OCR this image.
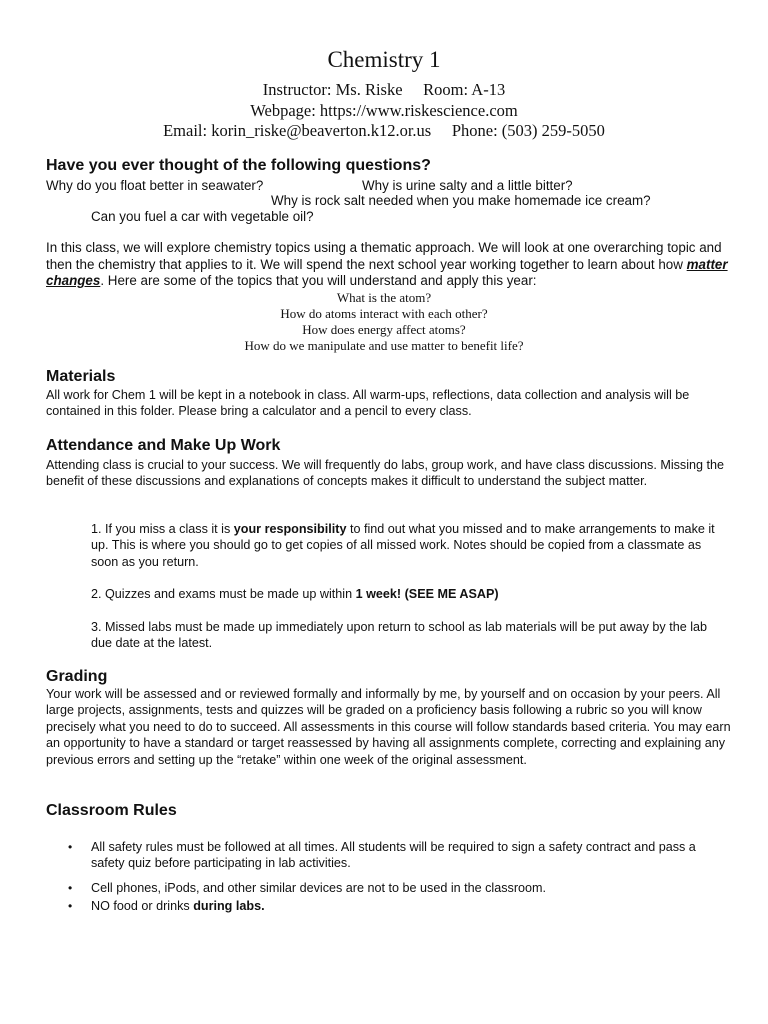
Chemistry 1
Instructor: Ms. Riske     Room: A-13
Webpage: https://www.riskescience.com
Email: korin_riske@beaverton.k12.or.us     Phone: (503) 259-5050
Have you ever thought of the following questions?
Why do you float better in seawater?	Why is urine salty and a little bitter?
Why is rock salt needed when you make homemade ice cream?
Can you fuel a car with vegetable oil?
In this class, we will explore chemistry topics using a thematic approach. We will look at one overarching topic and then the chemistry that applies to it. We will spend the next school year working together to learn about how matter changes. Here are some of the topics that you will understand and apply this year:
What is the atom?
How do atoms interact with each other?
How does energy affect atoms?
How do we manipulate and use matter to benefit life?
Materials
All work for Chem 1 will be kept in a notebook in class. All warm-ups, reflections, data collection and analysis will be contained in this folder. Please bring a calculator and a pencil to every class.
Attendance and Make Up Work
Attending class is crucial to your success. We will frequently do labs, group work, and have class discussions. Missing the benefit of these discussions and explanations of concepts makes it difficult to understand the subject matter.
1. If you miss a class it is your responsibility to find out what you missed and to make arrangements to make it up. This is where you should go to get copies of all missed work. Notes should be copied from a classmate as soon as you return.
2. Quizzes and exams must be made up within 1 week! (SEE ME ASAP)
3. Missed labs must be made up immediately upon return to school as lab materials will be put away by the lab due date at the latest.
Grading
Your work will be assessed and or reviewed formally and informally by me, by yourself and on occasion by your peers. All large projects, assignments, tests and quizzes will be graded on a proficiency basis following a rubric so you will know precisely what you need to do to succeed. All assessments in this course will follow standards based criteria. You may earn an opportunity to have a standard or target reassessed by having all assignments complete, correcting and explaining any previous errors and setting up the “retake” within one week of the original assessment.
Classroom Rules
• All safety rules must be followed at all times. All students will be required to sign a safety contract and pass a safety quiz before participating in lab activities.
• Cell phones, iPods, and other similar devices are not to be used in the classroom.
• NO food or drinks during labs.
